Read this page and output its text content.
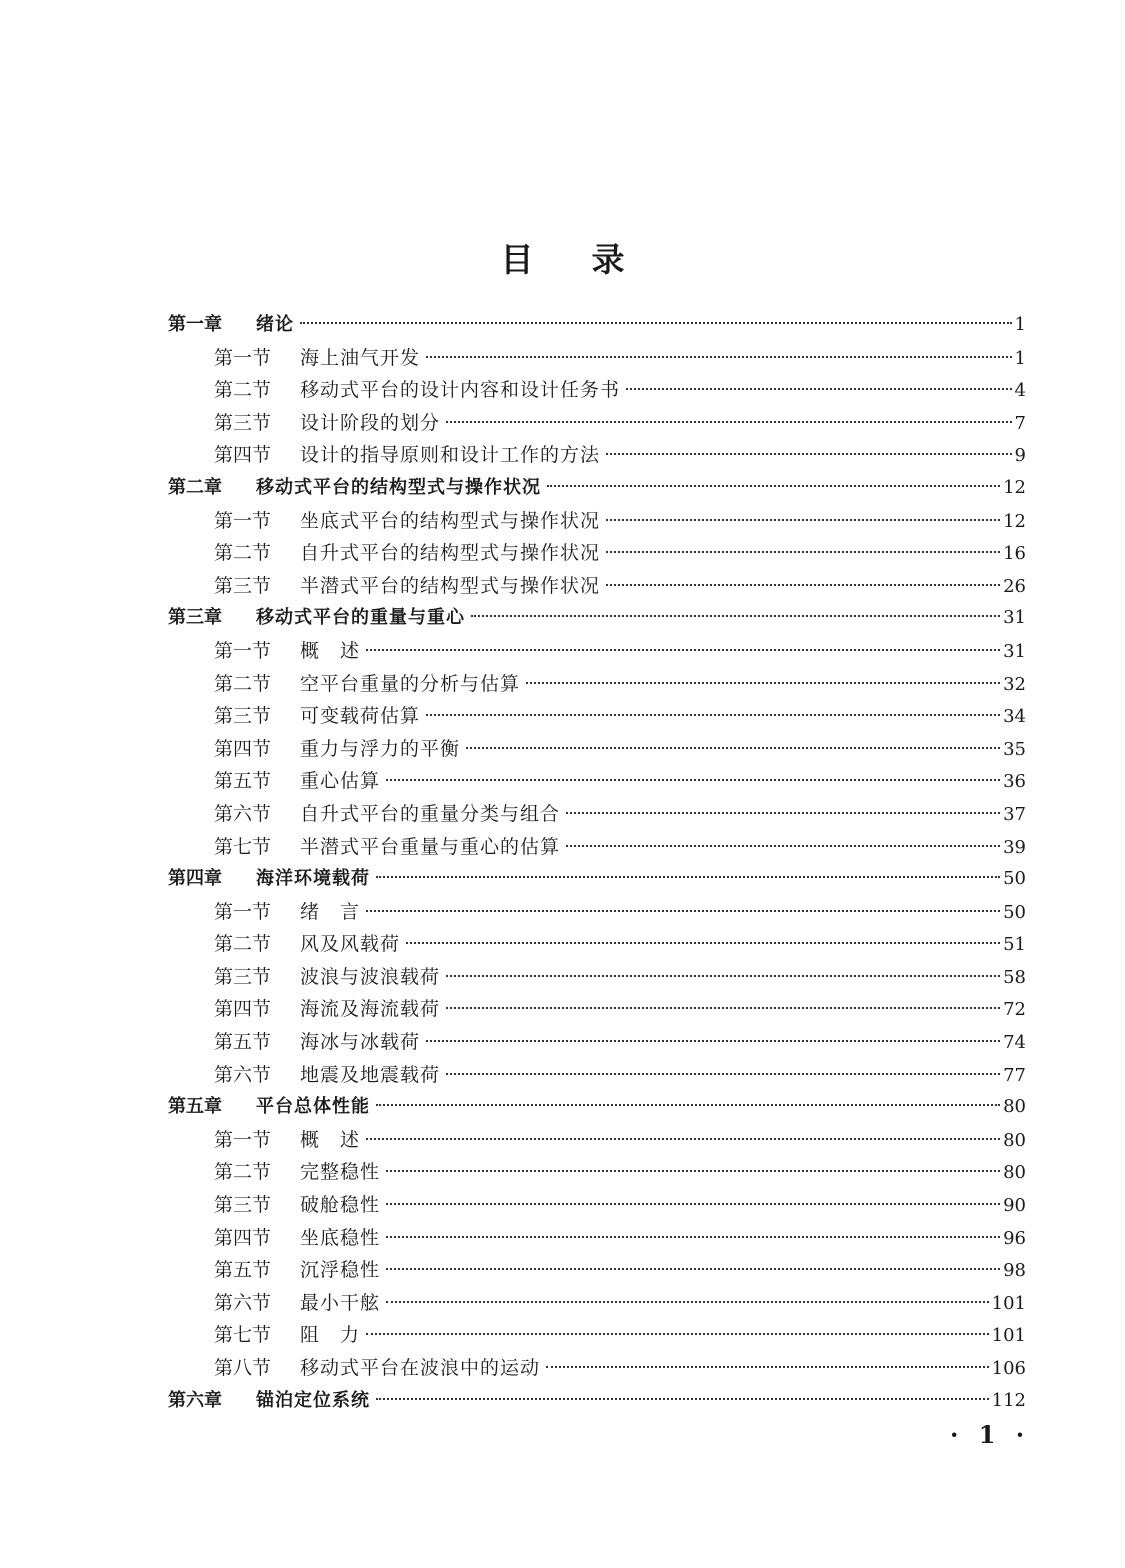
目录
第一章	绪论	1
第一节	海上油气开发	1
第二节	移动式平台的设计内容和设计任务书	4
第三节	设计阶段的划分	7
第四节	设计的指导原则和设计工作的方法	9
第二章	移动式平台的结构型式与操作状况	12
第一节	坐底式平台的结构型式与操作状况	12
第二节	自升式平台的结构型式与操作状况	16
第三节	半潜式平台的结构型式与操作状况	26
第三章	移动式平台的重量与重心	31
第一节	概　述	31
第二节	空平台重量的分析与估算	32
第三节	可变载荷估算	34
第四节	重力与浮力的平衡	35
第五节	重心估算	36
第六节	自升式平台的重量分类与组合	37
第七节	半潜式平台重量与重心的估算	39
第四章	海洋环境载荷	50
第一节	绪　言	50
第二节	风及风载荷	51
第三节	波浪与波浪载荷	58
第四节	海流及海流载荷	72
第五节	海冰与冰载荷	74
第六节	地震及地震载荷	77
第五章	平台总体性能	80
第一节	概　述	80
第二节	完整稳性	80
第三节	破舱稳性	90
第四节	坐底稳性	96
第五节	沉浮稳性	98
第六节	最小干舷	101
第七节	阻　力	101
第八节	移动式平台在波浪中的运动	106
第六章	锚泊定位系统	112
· 1 ·
